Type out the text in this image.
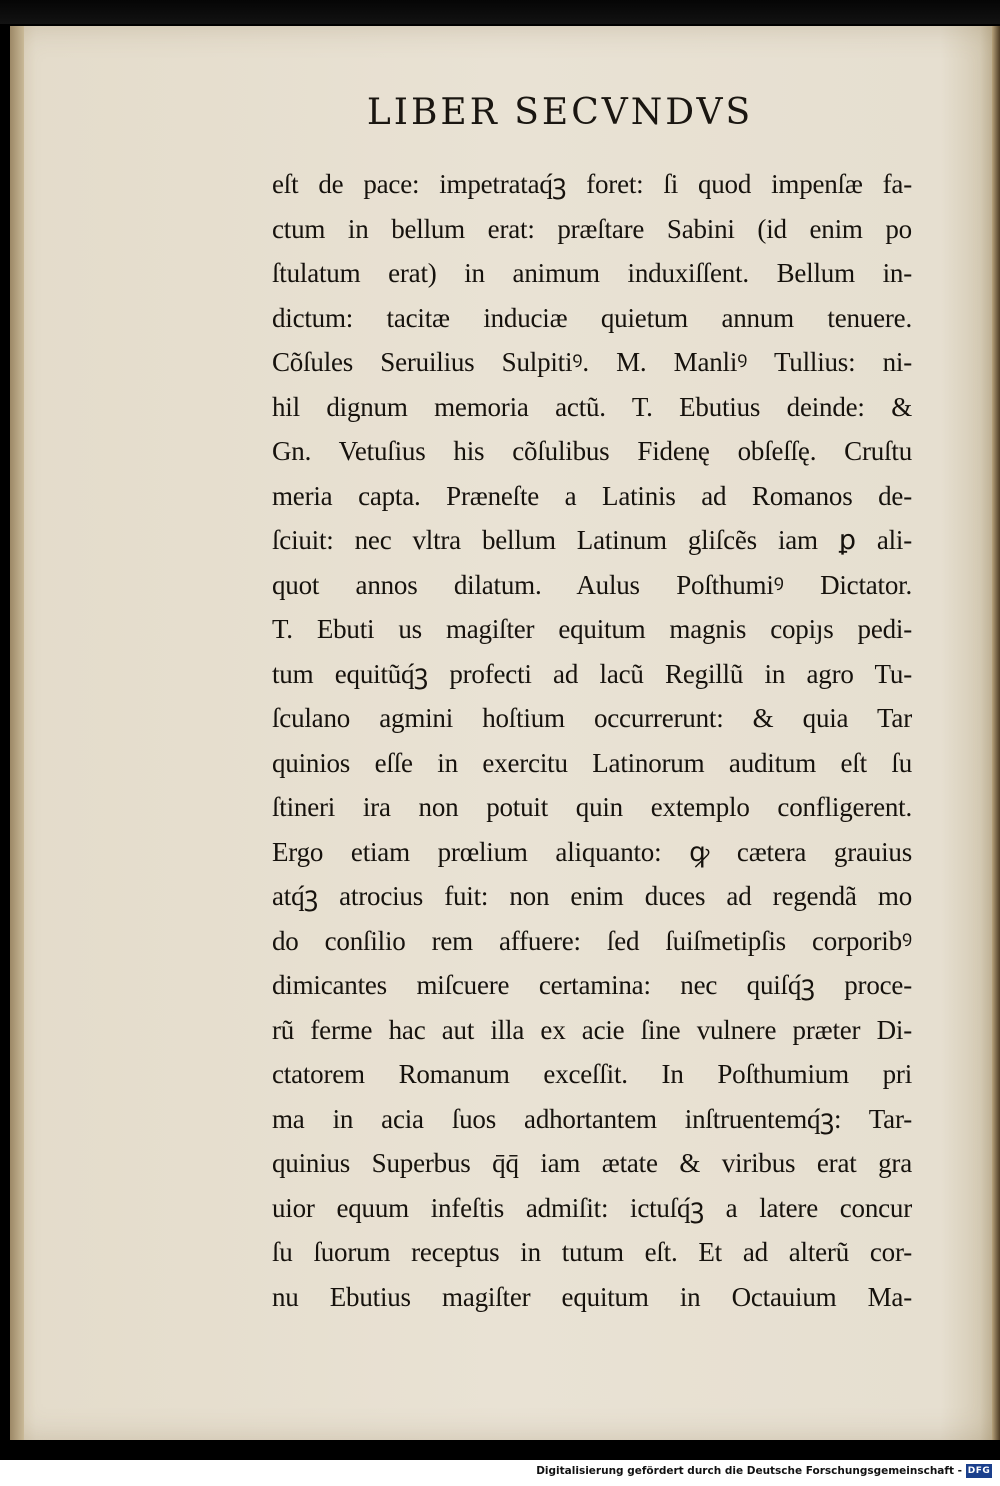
LIBER SECVNDVS
eſt de pace: impetrataq́ꝫ foret: ſi quod impenſæ fa-
ctum in bellum erat: præſtare Sabini (id enim po
ſtulatum erat) in animum induxiſſent. Bellum in-
dictum: tacitæ induciæ quietum annum tenuere.
Cõſules Seruilius Sulpitiꝰ. M. Manliꝰ Tullius: ni-
hil dignum memoria actũ. T. Ebutius deinde: &
Gn. Vetuſius his cõſulibus Fidenę obſeſſę. Cruſtu
meria capta. Præneſte a Latinis ad Romanos de-
ſciuit: nec vltra bellum Latinum gliſcẽs iam ꝑ ali-
quot annos dilatum. Aulus Poſthumiꝰ Dictator.
T. Ebuti us magiſter equitum magnis copiȷs pedi-
tum equitũq́ꝫ profecti ad lacũ Regillũ in agro Tu-
ſculano agmini hoſtium occurrerunt: & quia Tar
quinios eſſe in exercitu Latinorum auditum eſt ſu
ſtineri ira non potuit quin extemplo confligerent.
Ergo etiam prœlium aliquanto: ꝙ cætera grauius
atq́ꝫ atrocius fuit: non enim duces ad regendã mo
do conſilio rem affuere: ſed ſuiſmetipſis corporibꝰ
dimicantes miſcuere certamina: nec quiſq́ꝫ proce-
rũ ferme hac aut illa ex acie ſine vulnere præter Di-
ctatorem Romanum exceſſit. In Poſthumium pri
ma in acia ſuos adhortantem inſtruentemq́ꝫ: Tar-
quinius Superbus q̄q̄ iam ætate & viribus erat gra
uior equum infeſtis admiſit: ictuſq́ꝫ a latere concur
ſu ſuorum receptus in tutum eſt. Et ad alterũ cor-
nu Ebutius magiſter equitum in Octauium Ma-
Digitalisierung gefördert durch die Deutsche Forschungsgemeinschaft - DFG
